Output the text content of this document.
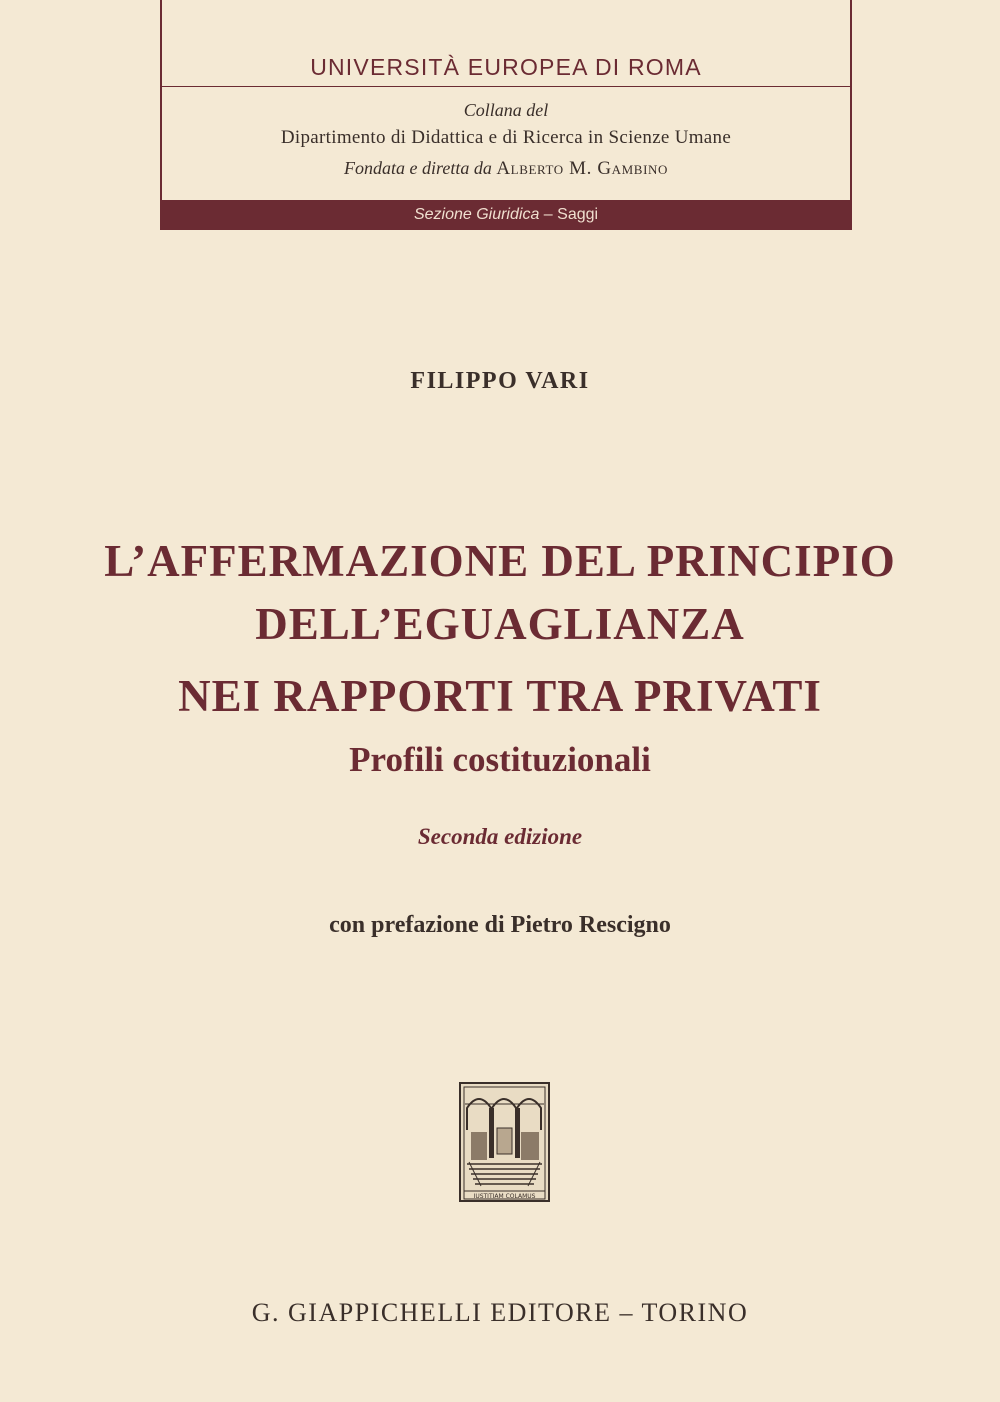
UNIVERSITÀ EUROPEA DI ROMA
Collana del
Dipartimento di Didattica e di Ricerca in Scienze Umane
Fondata e diretta da Alberto M. Gambino
Sezione Giuridica – Saggi
FILIPPO VARI
L’AFFERMAZIONE DEL PRINCIPIO
DELL’EGUAGLIANZA
NEI RAPPORTI TRA PRIVATI
Profili costituzionali
Seconda edizione
con prefazione di Pietro Rescigno
IUSTITIAM COLAMUS
G. GIAPPICHELLI EDITORE – TORINO
